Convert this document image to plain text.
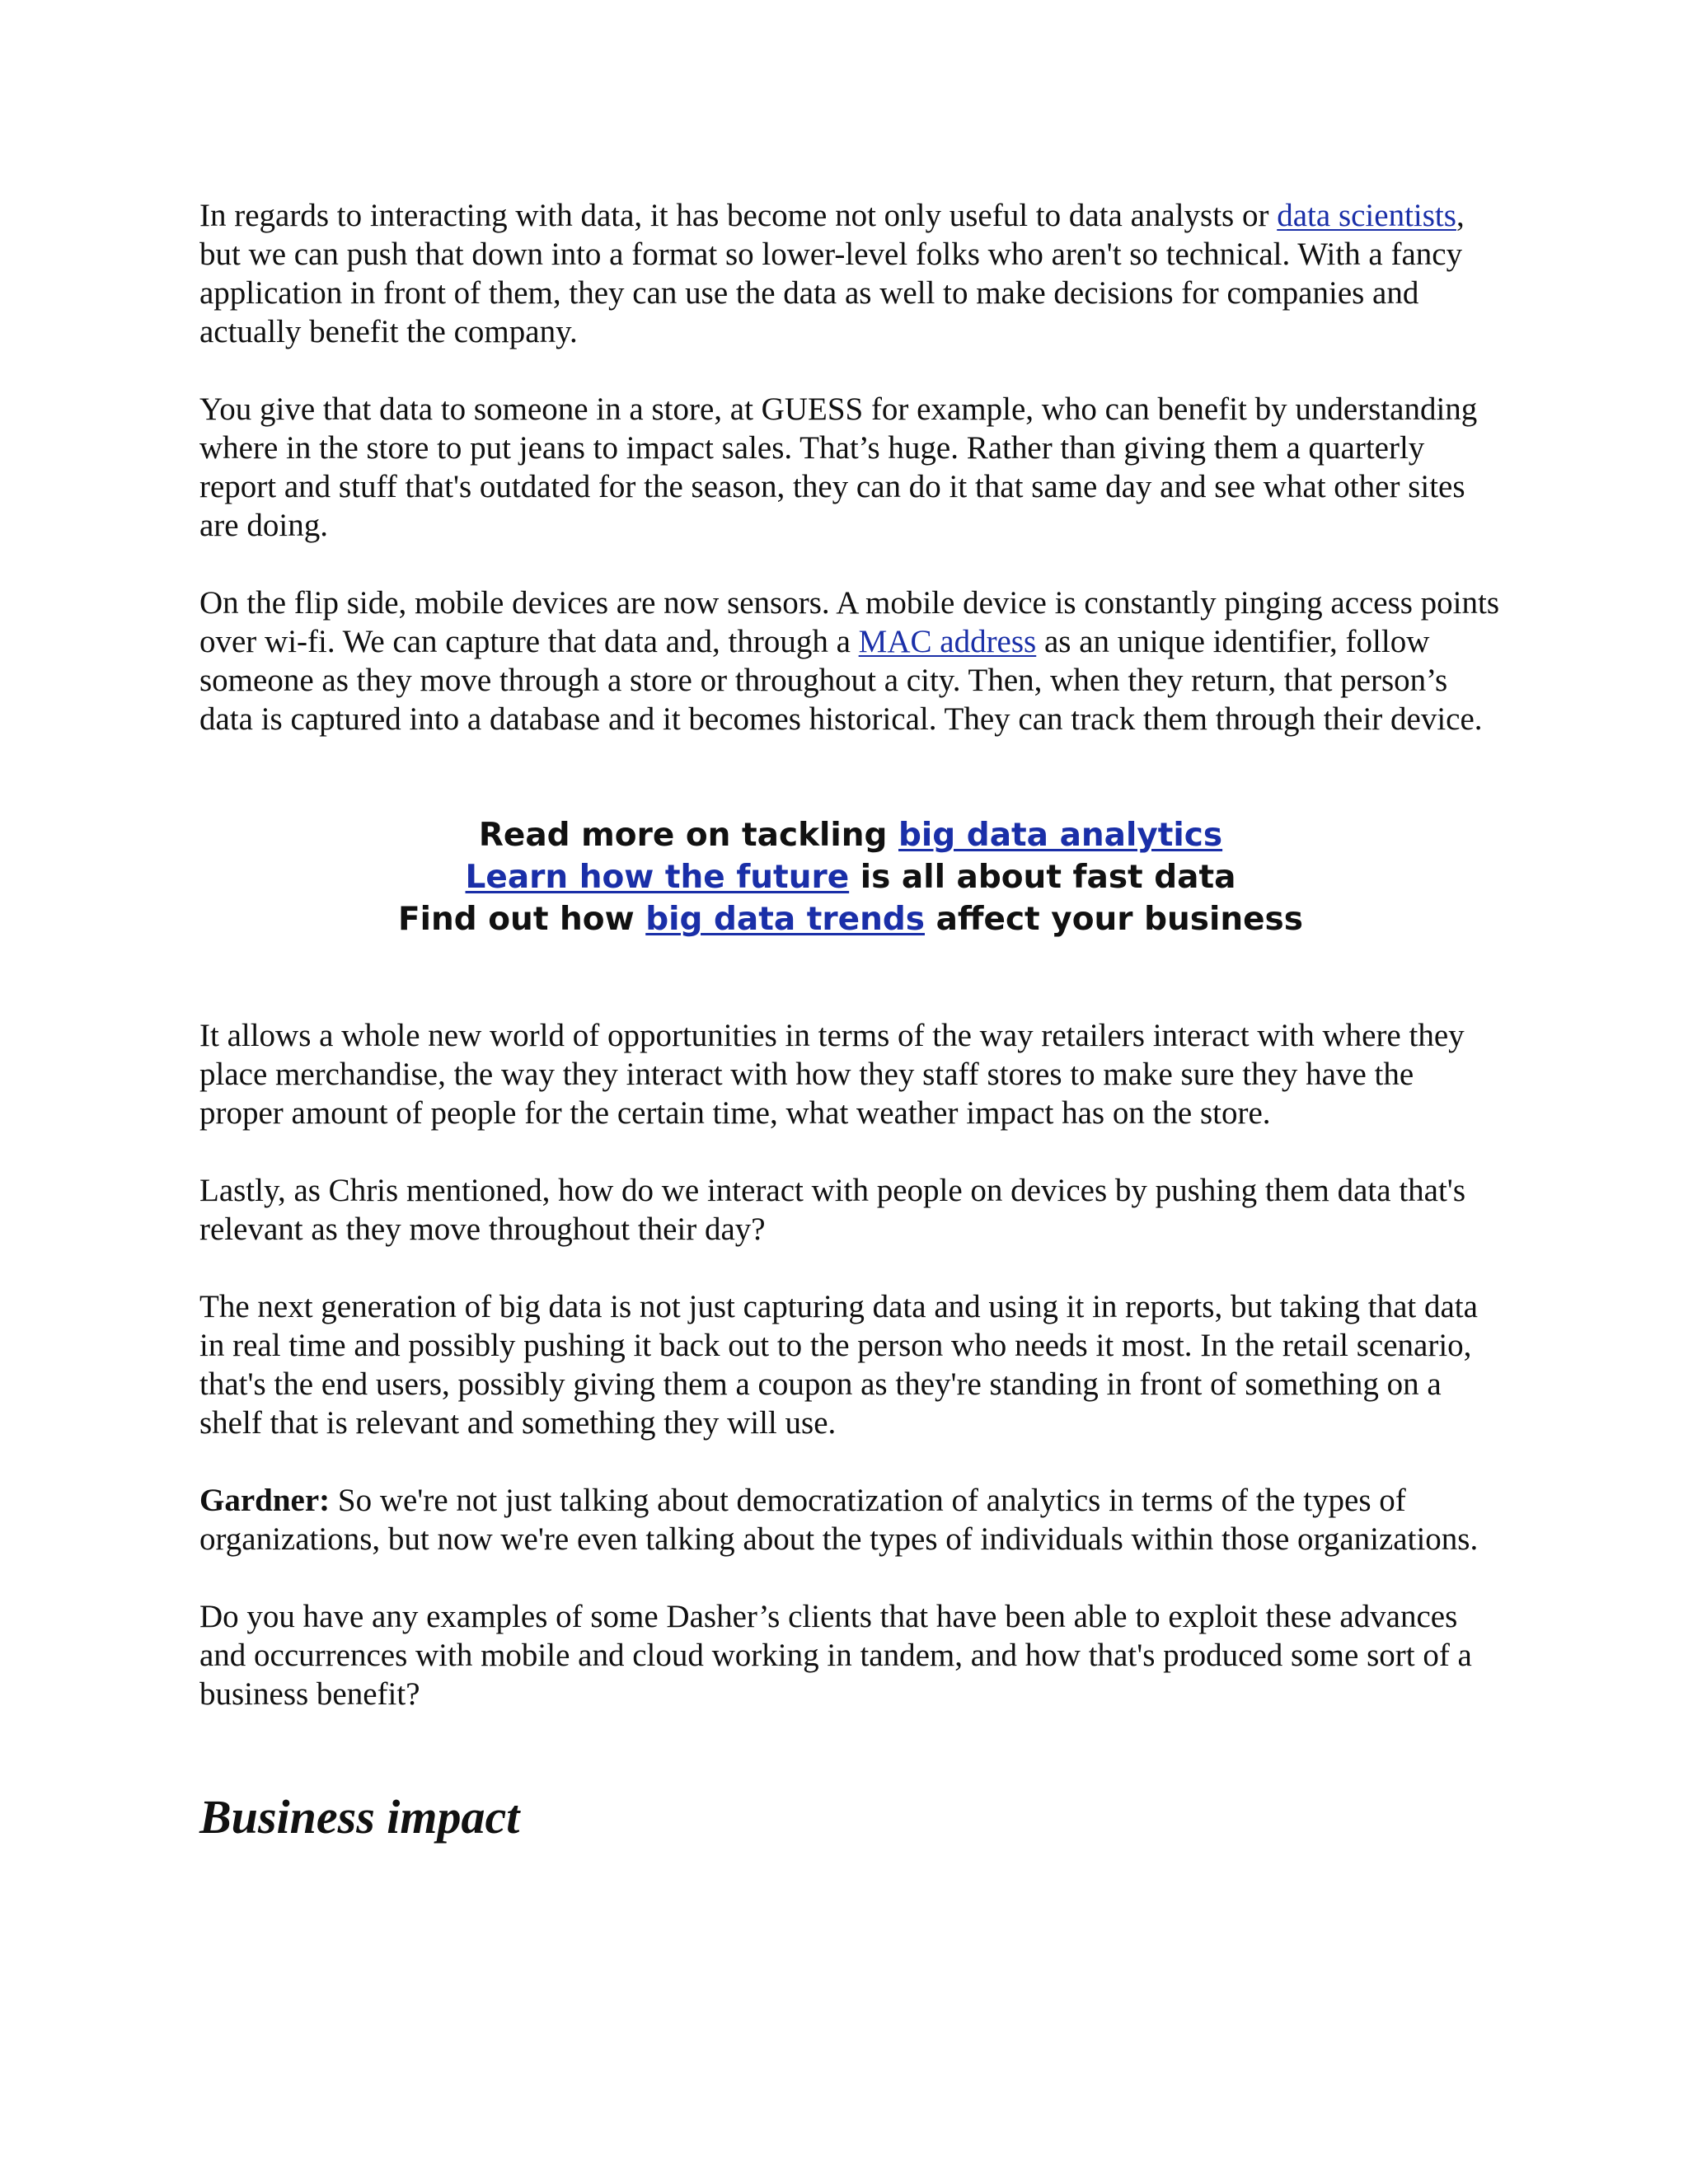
In regards to interacting with data, it has become not only useful to data analysts or data scientists, but we can push that down into a format so lower-level folks who aren't so technical. With a fancy application in front of them, they can use the data as well to make decisions for companies and actually benefit the company.

You give that data to someone in a store, at GUESS for example, who can benefit by understanding where in the store to put jeans to impact sales. That’s huge. Rather than giving them a quarterly report and stuff that's outdated for the season, they can do it that same day and see what other sites are doing.

On the flip side, mobile devices are now sensors. A mobile device is constantly pinging access points over wi-fi. We can capture that data and, through a MAC address as an unique identifier, follow someone as they move through a store or throughout a city. Then, when they return, that person’s data is captured into a database and it becomes historical. They can track them through their device.

Read more on tackling big data analytics

Learn how the future is all about fast data

Find out how big data trends affect your business

It allows a whole new world of opportunities in terms of the way retailers interact with where they place merchandise, the way they interact with how they staff stores to make sure they have the proper amount of people for the certain time, what weather impact has on the store.

Lastly, as Chris mentioned, how do we interact with people on devices by pushing them data that's relevant as they move throughout their day?

The next generation of big data is not just capturing data and using it in reports, but taking that data in real time and possibly pushing it back out to the person who needs it most. In the retail scenario, that's the end users, possibly giving them a coupon as they're standing in front of something on a shelf that is relevant and something they will use.

Gardner: So we're not just talking about democratization of analytics in terms of the types of organizations, but now we're even talking about the types of individuals within those organizations.

Do you have any examples of some Dasher’s clients that have been able to exploit these advances and occurrences with mobile and cloud working in tandem, and how that's produced some sort of a business benefit?

Business impact
